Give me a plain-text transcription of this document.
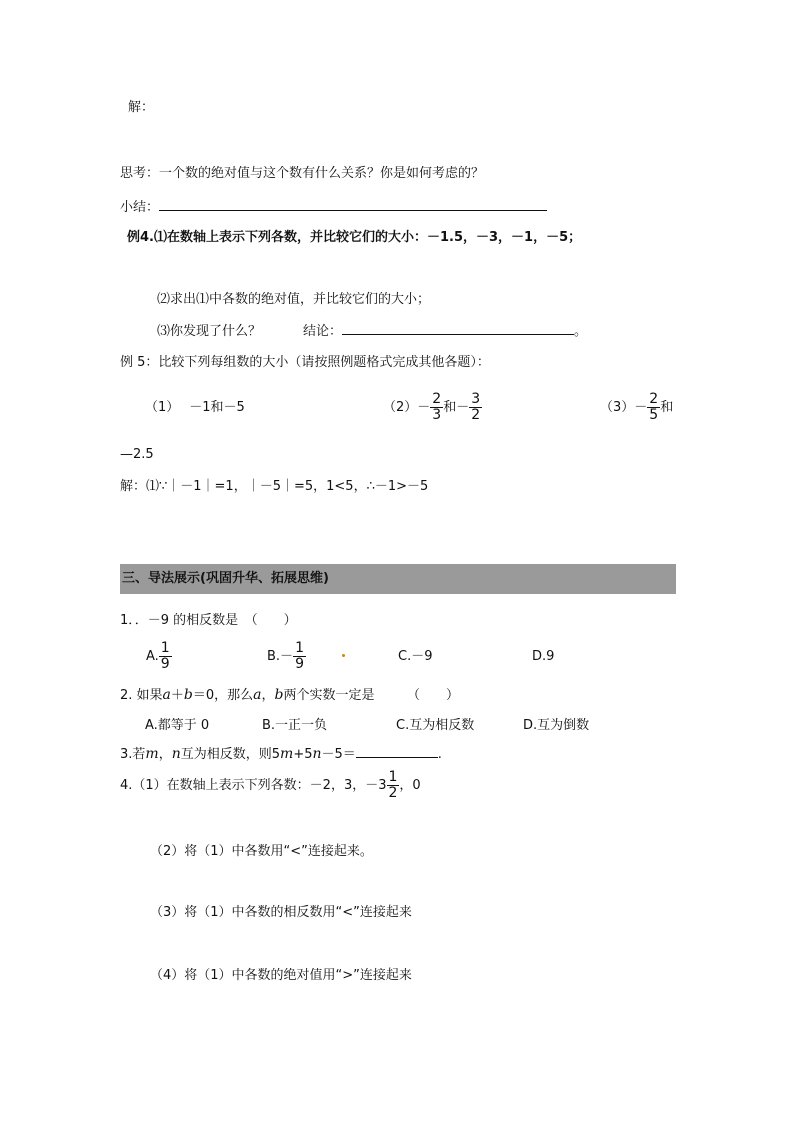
解：
思考：一个数的绝对值与这个数有什么关系？你是如何考虑的？
小结：
例4.⑴在数轴上表示下列各数，并比较它们的大小：－1.5，－3，－1，－5；
⑵求出⑴中各数的绝对值，并比较它们的大小；
⑶你发现了什么？	结论：	。
例 5：比较下列每组数的大小（请按照例题格式完成其他各题）：
（1） －1和－5	$(2)- \frac{2}{3}$ 和－ $\frac{3}{2}$	$(3)- \frac{2}{5}$ 和
—2.5
解：⑴∵｜－1｜=1，｜－5｜=5，1<5，∴－1>－5
三、导法展示(巩固升华、拓展思维)
1．．－9 的相反数是　（　　）
A. $\frac{1}{9}$	$B.- \frac{1}{9}$	C.－9	D.9
2. 如果a＋b＝0，那么a，b两个实数一定是　　　（　　）
A.都等于 0	B.一正一负	C.互为相反数	D.互为倒数
3.若m，n互为相反数，则5m+5n－5＝	.
4.（1）在数轴上表示下列各数：－2，3，$-3 \frac{1}{2}$ ，0
（2）将（1）中各数用“<”连接起来。
（3）将（1）中各数的相反数用“<”连接起来
（4）将（1）中各数的绝对值用“>”连接起来
